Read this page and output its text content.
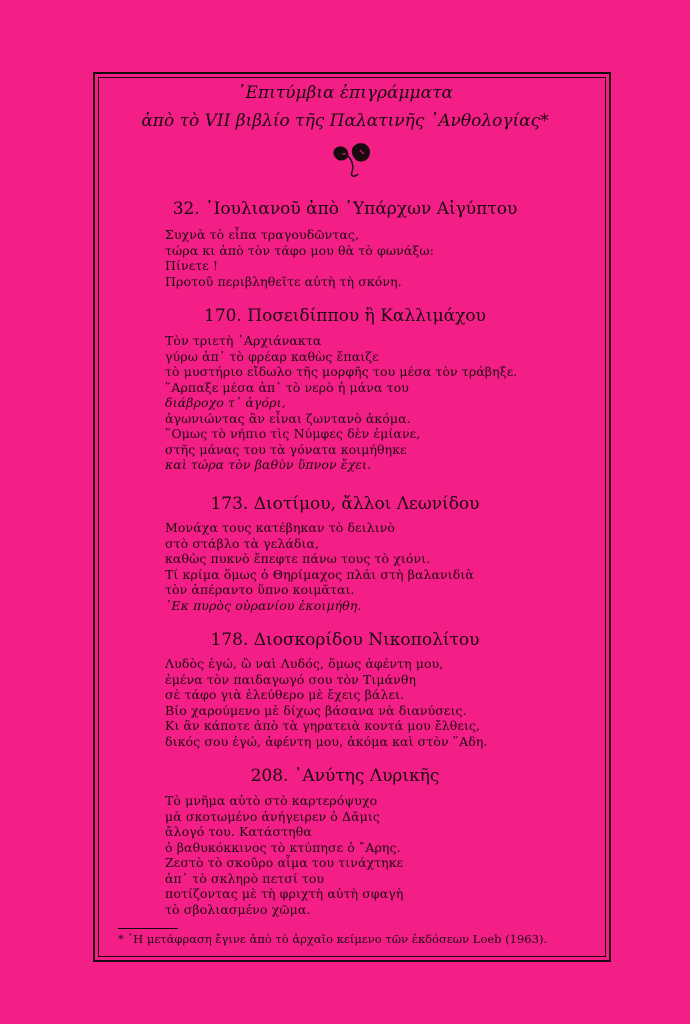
᾿Επιτύμβια ἐπιγράμματα
ἀπὸ τὸ VII βιβλίο τῆς Παλατινῆς ᾿Ανθολογίας*
32. ᾿Ιουλιανοῦ ἀπὸ ῾Υπάρχων Αἰγύπτου
Συχνὰ τὸ εἶπα τραγουδῶντας,
τώρα κι ἀπὸ τὸν τάφο μου θὰ τὸ φωνάξω:
Πίνετε !
Προτοῦ περιβληθεῖτε αὐτὴ τὴ σκόνη.
170. Ποσειδίππου ἢ Καλλιμάχου
Τὸν τριετὴ ᾿Αρχιάνακτα
γύρω ἀπ᾿ τὸ φρέαρ καθὼς ἔπαιζε
τὸ μυστήριο εἴδωλο τῆς μορφῆς του μέσα τὸν τράβηξε.
῞Αρπαξε μέσα ἀπ᾿ τὸ νερὸ ἡ μάνα του
διάβροχο τ᾿ ἀγόρι,
ἀγωνιώντας ἂν εἶναι ζωντανὸ ἀκόμα.
῞Ομως τὸ νήπιο τὶς Νύμφες δὲν ἐμίανε,
στῆς μάνας του τὰ γόνατα κοιμήθηκε
καὶ τώρα τὸν βαθὺν ὕπνον ἔχει.
173. Διοτίμου, ἄλλοι Λεωνίδου
Μονάχα τους κατέβηκαν τὸ δειλινὸ
στὸ στάβλο τὰ γελάδια,
καθὼς πυκνὸ ἔπεφτε πάνω τους τὸ χιόνι.
Τί κρίμα ὅμως ὁ Θηρίμαχος πλάι στὴ βαλανιδιὰ
τὸν ἀπέραντο ὕπνο κοιμᾶται.
᾿Εκ πυρὸς οὐρανίου ἐκοιμήθη.
178. Διοσκορίδου Νικοπολίτου
Λυδὸς ἐγώ, ὢ ναὶ Λυδός, ὅμως ἀφέντη μου,
ἐμένα τὸν παιδαγωγό σου τὸν Τιμάνθη
σὲ τάφο γιὰ ἐλεύθερο μὲ ἔχεις βάλει.
Βίο χαρούμενο μὲ δίχως βάσανα νὰ διανύσεις.
Κι ἂν κάποτε ἀπὸ τὰ γηρατειὰ κοντά μου ἔλθεις,
δικός σου ἐγώ, ἀφέντη μου, ἀκόμα καὶ στὸν ῞Αδη.
208. ᾿Ανύτης Λυρικῆς
Τὸ μνῆμα αὐτὸ στὸ καρτερόψυχο
μὰ σκοτωμένο ἀνήγειρεν ὁ Δᾶμις
ἄλογό του. Κατάστηθα
ὁ βαθυκόκκινος τὸ κτύπησε ὁ ῎Αρης.
Ζεστὸ τὸ σκοῦρο αἷμα του τινάχτηκε
ἀπ᾿ τὸ σκληρὸ πετσί του
ποτίζοντας μὲ τὴ φριχτὴ αὐτὴ σφαγὴ
τὸ σβολιασμένο χῶμα.
* ῾Η μετάφραση ἔγινε ἀπὸ τὸ ἀρχαῖο κείμενο τῶν ἐκδόσεων Loeb (1963).
